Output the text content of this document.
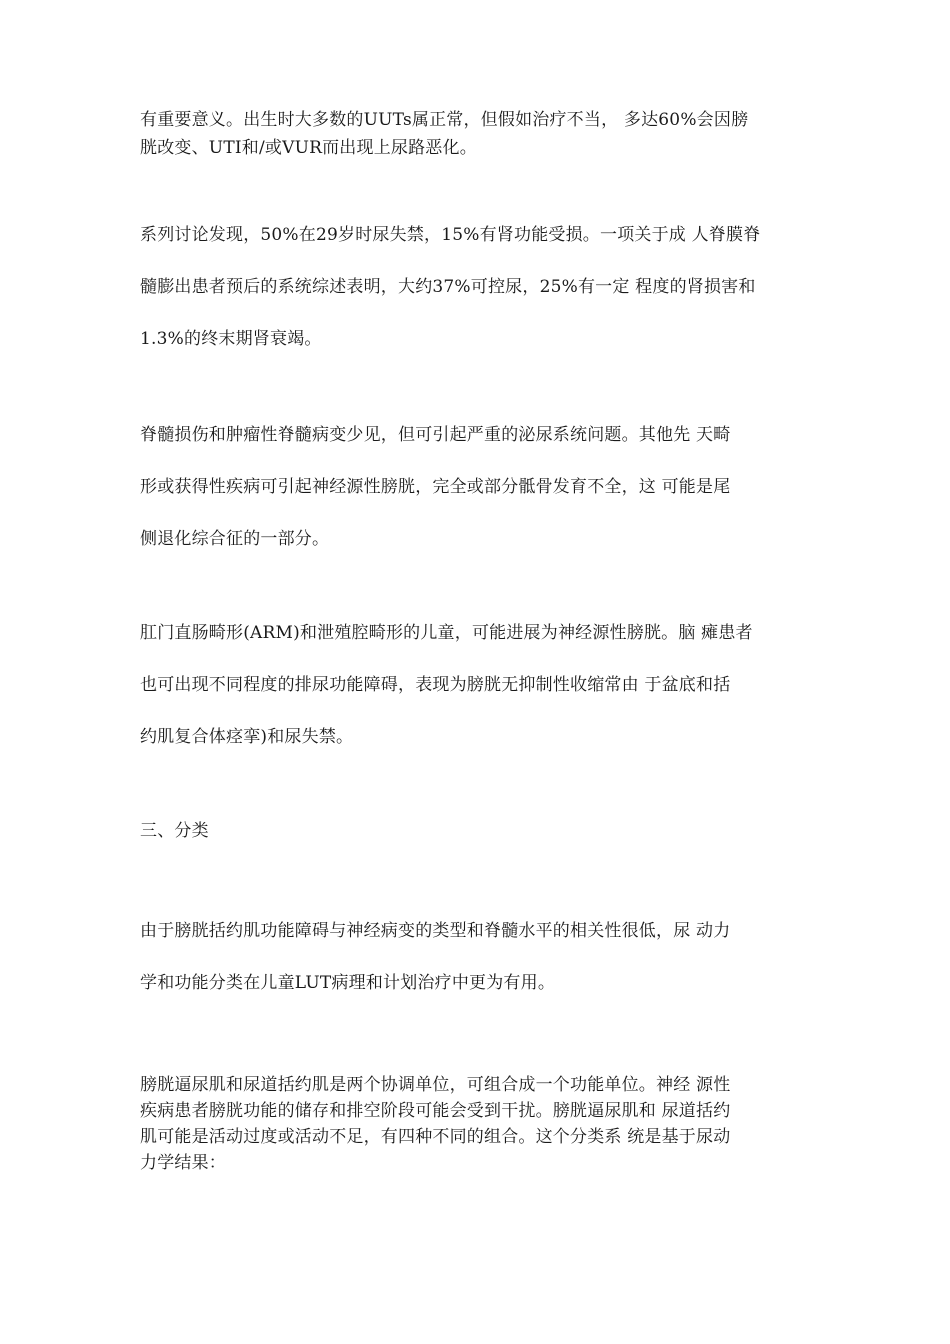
有重要意义。出生时大多数的UUTs属正常，但假如治疗不当， 多达60%会因膀
胱改变、UTI和/或VUR而出现上尿路恶化。
系列讨论发现，50%在29岁时尿失禁，15%有肾功能受损。一项关于成 人脊膜脊
髓膨出患者预后的系统综述表明，大约37%可控尿，25%有一定 程度的肾损害和
1.3%的终末期肾衰竭。
脊髓损伤和肿瘤性脊髓病变少见，但可引起严重的泌尿系统问题。其他先 天畸
形或获得性疾病可引起神经源性膀胱，完全或部分骶骨发育不全，这 可能是尾
侧退化综合征的一部分。
肛门直肠畸形(ARM)和泄殖腔畸形的儿童，可能进展为神经源性膀胱。脑 瘫患者
也可出现不同程度的排尿功能障碍，表现为膀胱无抑制性收缩常由 于盆底和括
约肌复合体痉挛)和尿失禁。
三、分类
由于膀胱括约肌功能障碍与神经病变的类型和脊髓水平的相关性很低，尿 动力
学和功能分类在儿童LUT病理和计划治疗中更为有用。
膀胱逼尿肌和尿道括约肌是两个协调单位，可组合成一个功能单位。神经 源性
疾病患者膀胱功能的储存和排空阶段可能会受到干扰。膀胱逼尿肌和 尿道括约
肌可能是活动过度或活动不足，有四种不同的组合。这个分类系 统是基于尿动
力学结果：
